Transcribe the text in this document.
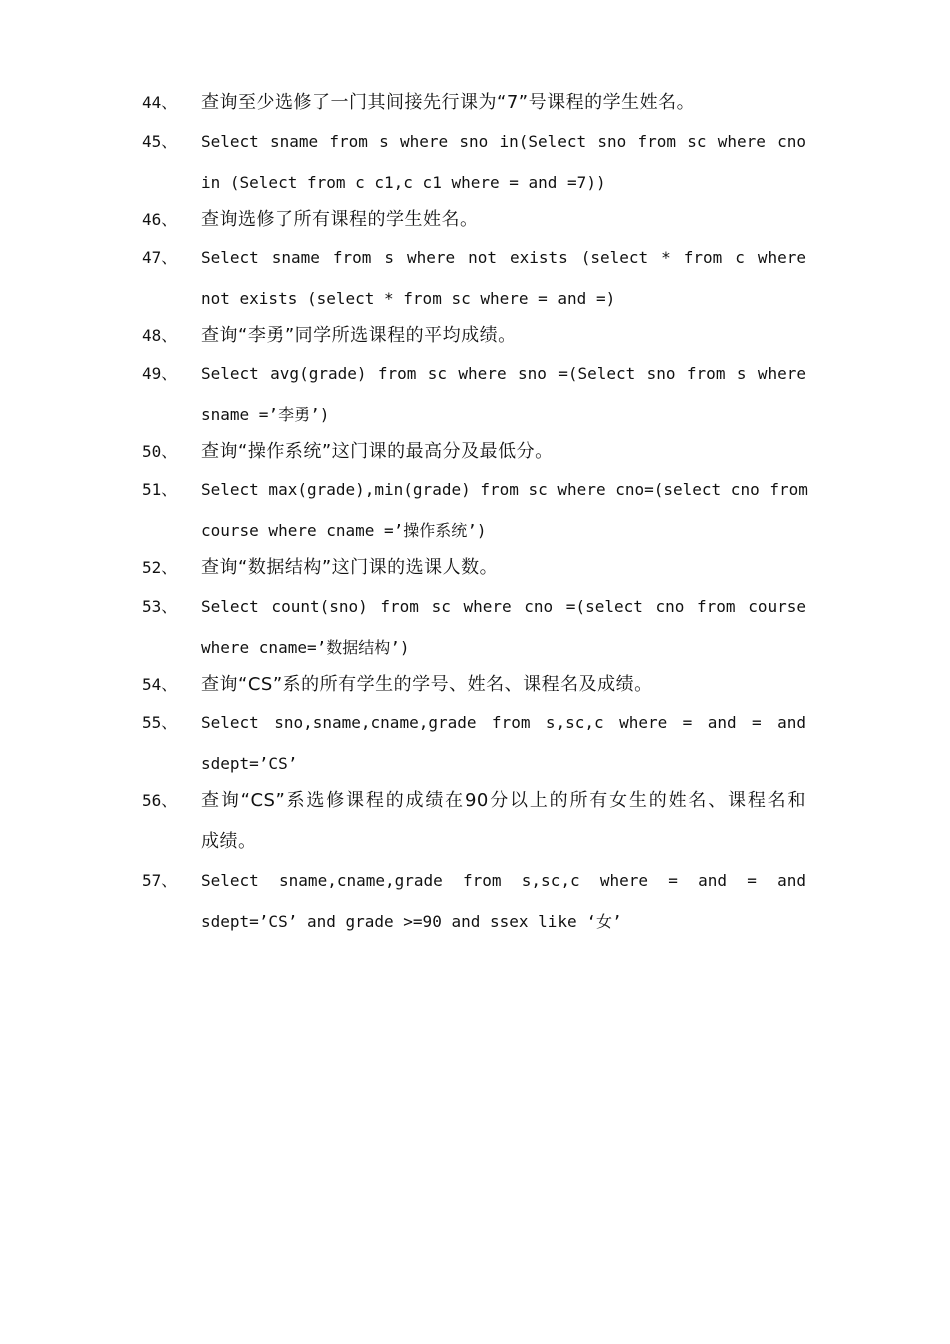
44、 查询至少选修了一门其间接先行课为“7”号课程的学生姓名。
45、 Select sname from s where sno in(Select sno from sc where cno
in (Select from c c1,c c1 where = and =7))
46、 查询选修了所有课程的学生姓名。
47、 Select sname from s where not exists (select * from c where
not exists (select * from sc where = and =)
48、 查询“李勇”同学所选课程的平均成绩。
49、 Select avg(grade) from sc where sno =(Select sno from s where
sname =’李勇’)
50、 查询“操作系统”这门课的最高分及最低分。
51、 Select max(grade),min(grade) from sc where cno=(select cno from
course where cname =’操作系统’)
52、 查询“数据结构”这门课的选课人数。
53、 Select count(sno) from sc where cno =(select cno from course
where cname=’数据结构’)
54、 查询“CS”系的所有学生的学号、姓名、课程名及成绩。
55、 Select sno,sname,cname,grade from s,sc,c where = and = and
sdept=’CS’
56、 查询“CS”系选修课程的成绩在90分以上的所有女生的姓名、课程名和
成绩。
57、 Select sname,cname,grade from s,sc,c where = and = and
sdept=’CS’ and grade >=90 and ssex like ‘女’
